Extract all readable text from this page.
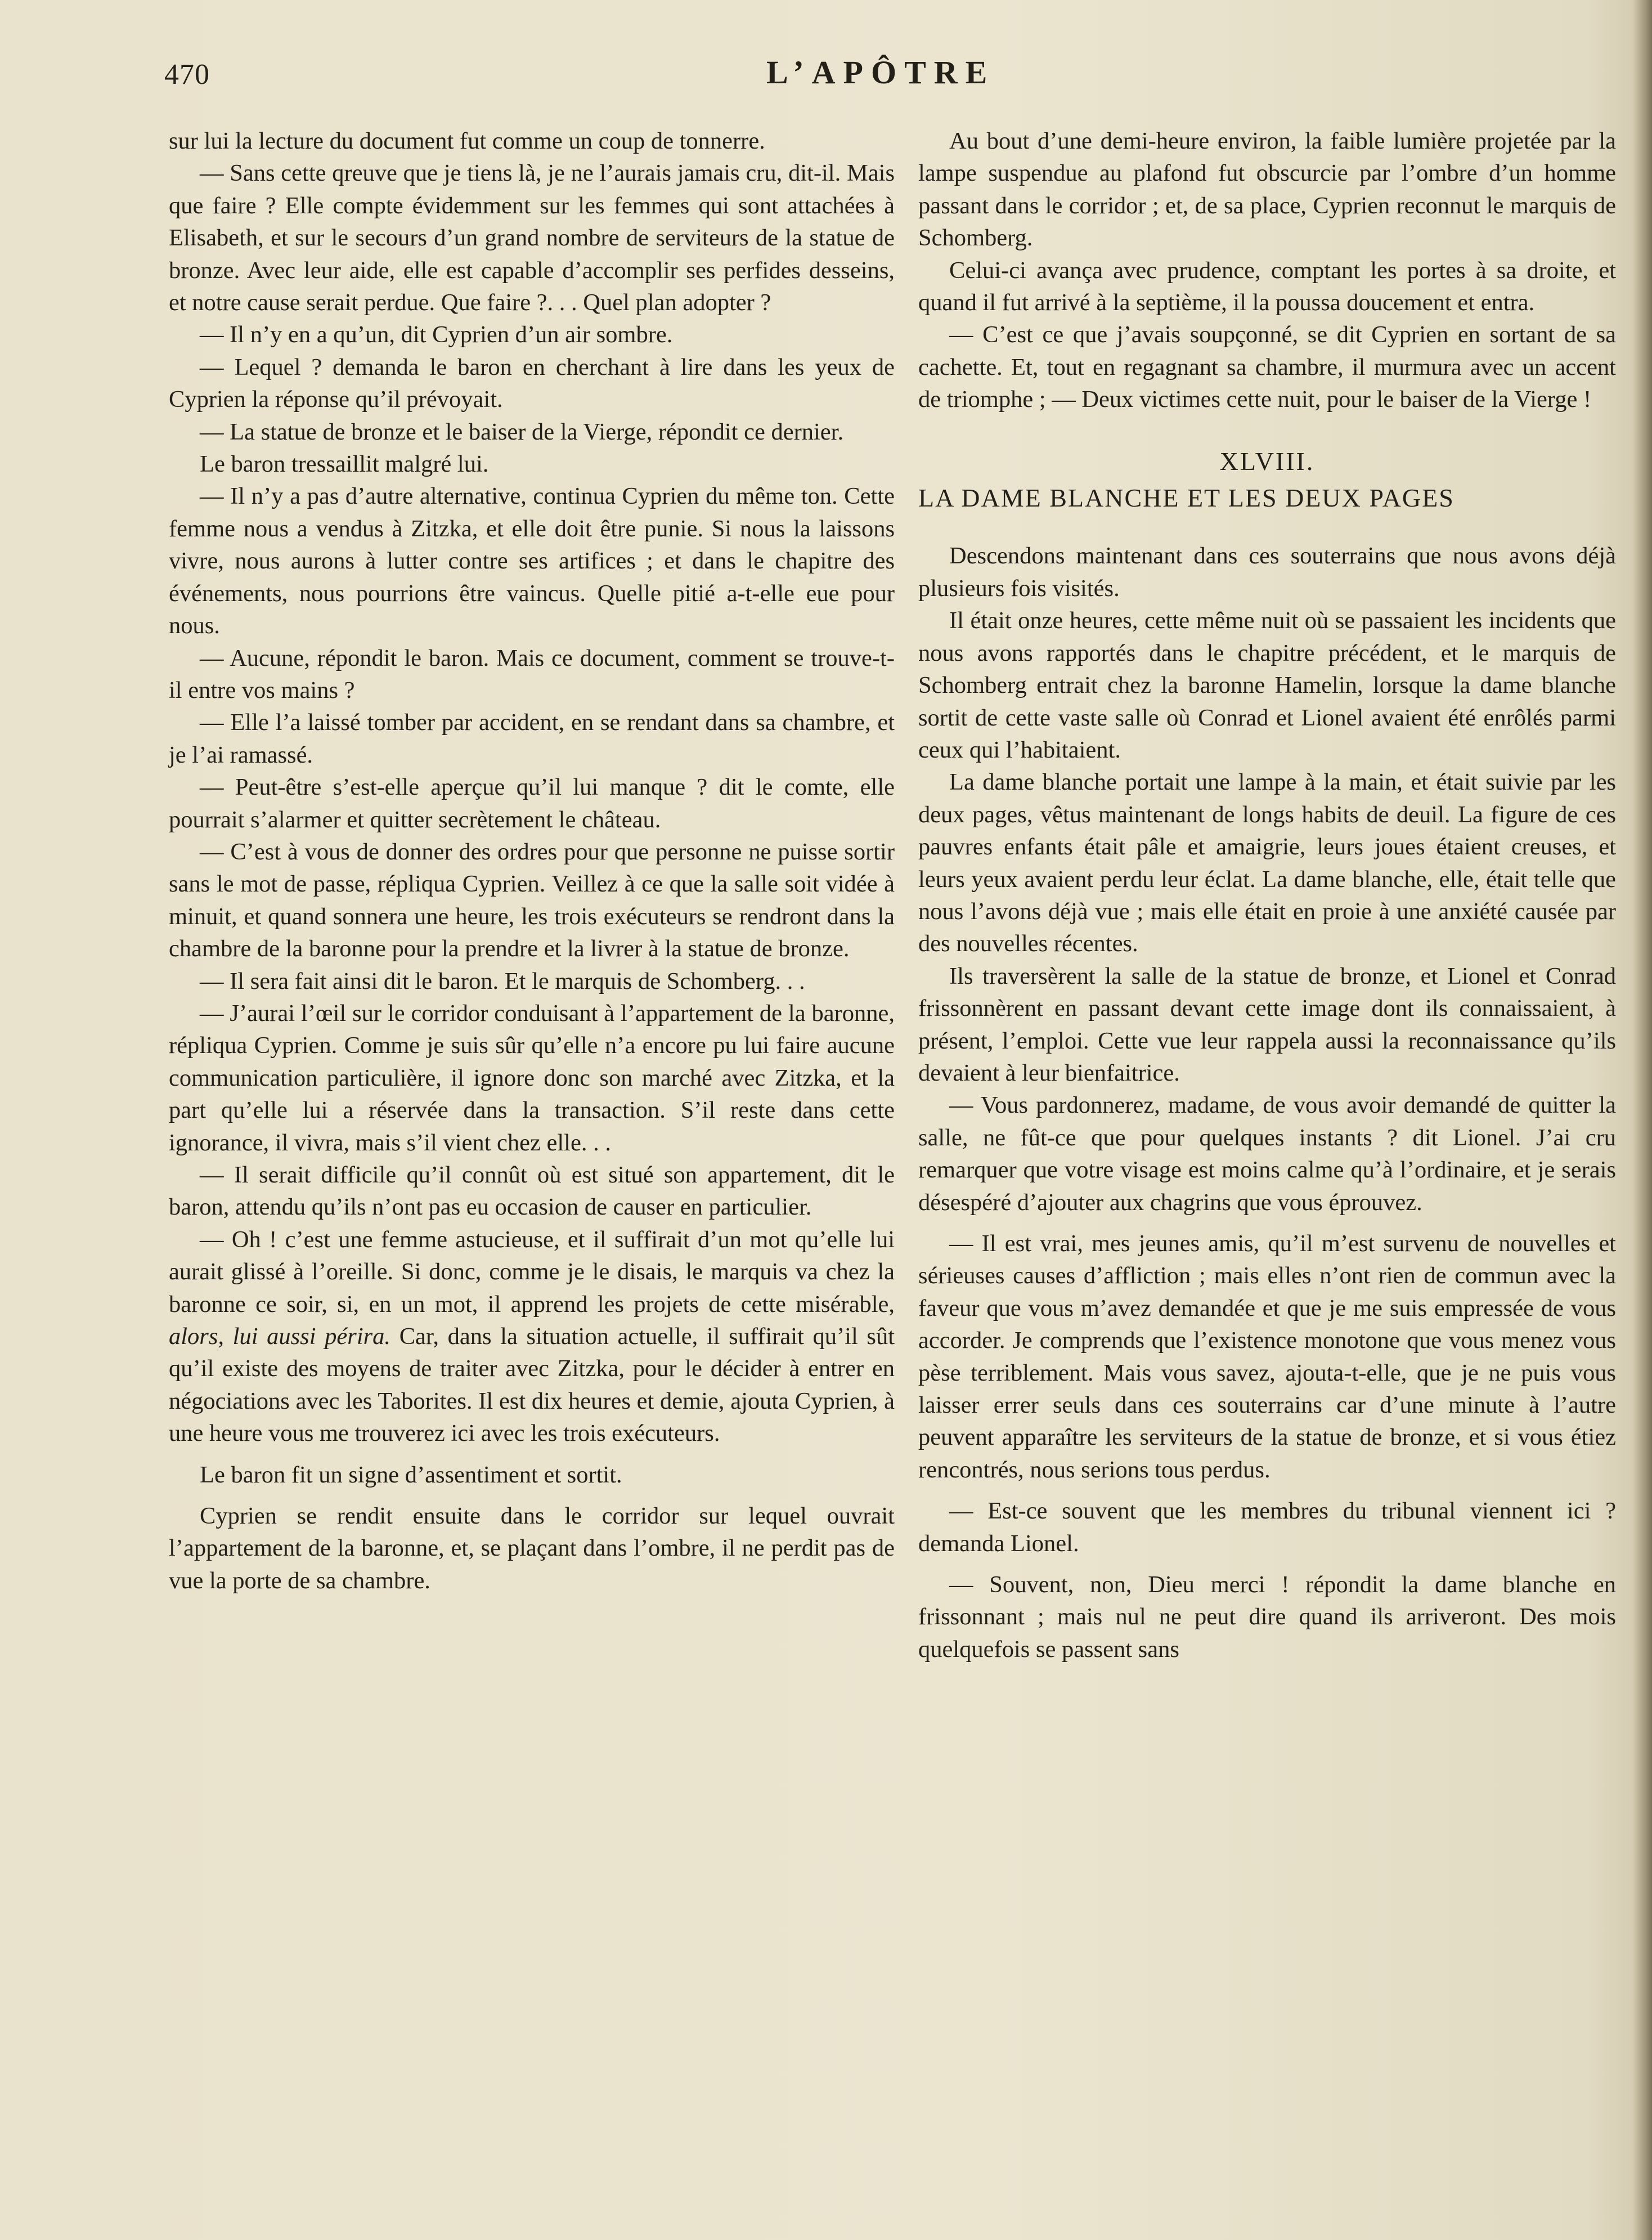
470	L’APÔTRE

sur lui la lecture du document fut comme un coup de tonnerre.

— Sans cette qreuve que je tiens là, je ne l’aurais jamais cru, dit-il. Mais que faire ? Elle compte évidemment sur les femmes qui sont attachées à Elisabeth, et sur le secours d’un grand nombre de serviteurs de la statue de bronze. Avec leur aide, elle est capable d’accomplir ses perfides desseins, et notre cause serait perdue. Que faire ?. . . Quel plan adopter ?

— Il n’y en a qu’un, dit Cyprien d’un air sombre.

— Lequel ? demanda le baron en cherchant à lire dans les yeux de Cyprien la réponse qu’il prévoyait.

— La statue de bronze et le baiser de la Vierge, répondit ce dernier.

Le baron tressaillit malgré lui.

— Il n’y a pas d’autre alternative, continua Cyprien du même ton. Cette femme nous a vendus à Zitzka, et elle doit être punie. Si nous la laissons vivre, nous aurons à lutter contre ses artifices ; et dans le chapitre des événements, nous pourrions être vaincus. Quelle pitié a-t-elle eue pour nous.

— Aucune, répondit le baron. Mais ce document, comment se trouve-t-il entre vos mains ?

— Elle l’a laissé tomber par accident, en se rendant dans sa chambre, et je l’ai ramassé.

— Peut-être s’est-elle aperçue qu’il lui manque ? dit le comte, elle pourrait s’alarmer et quitter secrètement le château.

— C’est à vous de donner des ordres pour que personne ne puisse sortir sans le mot de passe, répliqua Cyprien. Veillez à ce que la salle soit vidée à minuit, et quand sonnera une heure, les trois exécuteurs se rendront dans la chambre de la baronne pour la prendre et la livrer à la statue de bronze.

— Il sera fait ainsi dit le baron. Et le marquis de Schomberg. . .

— J’aurai l’œil sur le corridor conduisant à l’appartement de la baronne, répliqua Cyprien. Comme je suis sûr qu’elle n’a encore pu lui faire aucune communication particulière, il ignore donc son marché avec Zitzka, et la part qu’elle lui a réservée dans la transaction. S’il reste dans cette ignorance, il vivra, mais s’il vient chez elle. . .

— Il serait difficile qu’il connût où est situé son appartement, dit le baron, attendu qu’ils n’ont pas eu occasion de causer en particulier.

— Oh ! c’est une femme astucieuse, et il suffirait d’un mot qu’elle lui aurait glissé à l’oreille. Si donc, comme je le disais, le marquis va chez la baronne ce soir, si, en un mot, il apprend les projets de cette misérable, alors, lui aussi périra. Car, dans la situation actuelle, il suffirait qu’il sût qu’il existe des moyens de traiter avec Zitzka, pour le décider à entrer en négociations avec les Taborites. Il est dix heures et demie, ajouta Cyprien, à une heure vous me trouverez ici avec les trois exécuteurs.

Le baron fit un signe d’assentiment et sortit.

Cyprien se rendit ensuite dans le corridor sur lequel ouvrait l’appartement de la baronne, et, se plaçant dans l’ombre, il ne perdit pas de vue la porte de sa chambre.

Au bout d’une demi-heure environ, la faible lumière projetée par la lampe suspendue au plafond fut obscurcie par l’ombre d’un homme passant dans le corridor ; et, de sa place, Cyprien reconnut le marquis de Schomberg.

Celui-ci avança avec prudence, comptant les portes à sa droite, et quand il fut arrivé à la septième, il la poussa doucement et entra.

— C’est ce que j’avais soupçonné, se dit Cyprien en sortant de sa cachette. Et, tout en regagnant sa chambre, il murmura avec un accent de triomphe ; — Deux victimes cette nuit, pour le baiser de la Vierge !

XLVIII.
LA DAME BLANCHE ET LES DEUX PAGES

Descendons maintenant dans ces souterrains que nous avons déjà plusieurs fois visités.

Il était onze heures, cette même nuit où se passaient les incidents que nous avons rapportés dans le chapitre précédent, et le marquis de Schomberg entrait chez la baronne Hamelin, lorsque la dame blanche sortit de cette vaste salle où Conrad et Lionel avaient été enrôlés parmi ceux qui l’habitaient.

La dame blanche portait une lampe à la main, et était suivie par les deux pages, vêtus maintenant de longs habits de deuil. La figure de ces pauvres enfants était pâle et amaigrie, leurs joues étaient creuses, et leurs yeux avaient perdu leur éclat. La dame blanche, elle, était telle que nous l’avons déjà vue ; mais elle était en proie à une anxiété causée par des nouvelles récentes.

Ils traversèrent la salle de la statue de bronze, et Lionel et Conrad frissonnèrent en passant devant cette image dont ils connaissaient, à présent, l’emploi. Cette vue leur rappela aussi la reconnaissance qu’ils devaient à leur bienfaitrice.

— Vous pardonnerez, madame, de vous avoir demandé de quitter la salle, ne fût-ce que pour quelques instants ? dit Lionel. J’ai cru remarquer que votre visage est moins calme qu’à l’ordinaire, et je serais désespéré d’ajouter aux chagrins que vous éprouvez.

— Il est vrai, mes jeunes amis, qu’il m’est survenu de nouvelles et sérieuses causes d’affliction ; mais elles n’ont rien de commun avec la faveur que vous m’avez demandée et que je me suis empressée de vous accorder. Je comprends que l’existence monotone que vous menez vous pèse terriblement. Mais vous savez, ajouta-t-elle, que je ne puis vous laisser errer seuls dans ces souterrains car d’une minute à l’autre peuvent apparaître les serviteurs de la statue de bronze, et si vous étiez rencontrés, nous serions tous perdus.

— Est-ce souvent que les membres du tribunal viennent ici ? demanda Lionel.

— Souvent, non, Dieu merci ! répondit la dame blanche en frissonnant ; mais nul ne peut dire quand ils arriveront. Des mois quelquefois se passent sans
